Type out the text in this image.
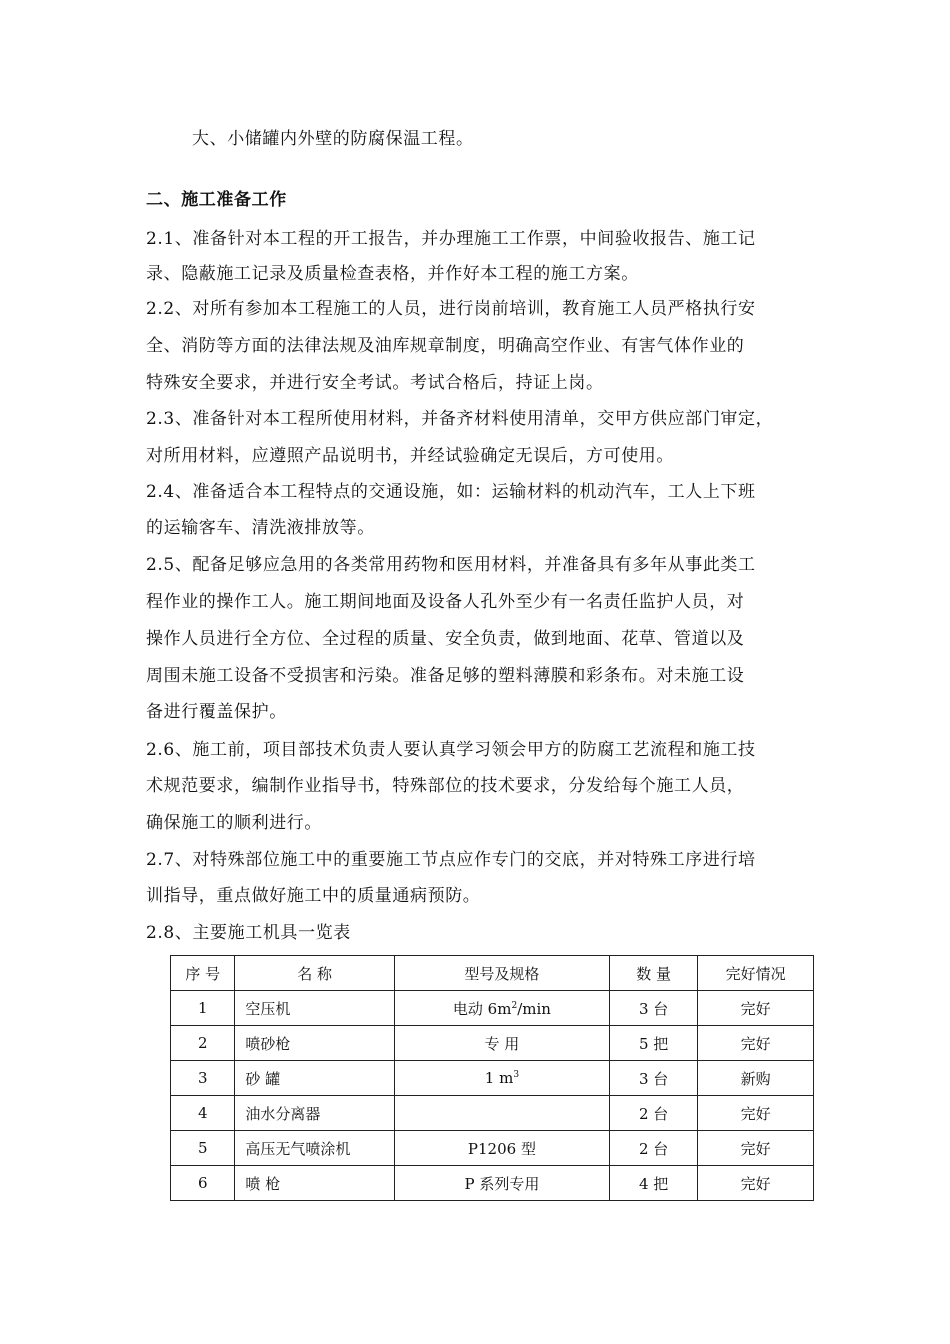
大、小储罐内外壁的防腐保温工程。
二、施工准备工作
2.1、准备针对本工程的开工报告，并办理施工工作票，中间验收报告、施工记
录、隐蔽施工记录及质量检查表格，并作好本工程的施工方案。
2.2、对所有参加本工程施工的人员，进行岗前培训，教育施工人员严格执行安
全、消防等方面的法律法规及油库规章制度，明确高空作业、有害气体作业的
特殊安全要求，并进行安全考试。考试合格后，持证上岗。
2.3、准备针对本工程所使用材料，并备齐材料使用清单，交甲方供应部门审定，
对所用材料，应遵照产品说明书，并经试验确定无误后，方可使用。
2.4、准备适合本工程特点的交通设施，如：运输材料的机动汽车，工人上下班
的运输客车、清洗液排放等。
2.5、配备足够应急用的各类常用药物和医用材料，并准备具有多年从事此类工
程作业的操作工人。施工期间地面及设备人孔外至少有一名责任监护人员，对
操作人员进行全方位、全过程的质量、安全负责，做到地面、花草、管道以及
周围未施工设备不受损害和污染。准备足够的塑料薄膜和彩条布。对未施工设
备进行覆盖保护。
2.6、施工前，项目部技术负责人要认真学习领会甲方的防腐工艺流程和施工技
术规范要求，编制作业指导书，特殊部位的技术要求，分发给每个施工人员，
确保施工的顺利进行。
2.7、对特殊部位施工中的重要施工节点应作专门的交底，并对特殊工序进行培
训指导，重点做好施工中的质量通病预防。
2.8、主要施工机具一览表
序 号	名 称	型号及规格	数 量	完好情况
1	空压机	电动 $6m^2/\min$	3 台	完好
2	喷砂枪	专 用	5 把	完好
3	砂 罐	1 $m^3$	3 台	新购
4	油水分离器		2 台	完好
5	高压无气喷涂机	P1206 型	2 台	完好
6	喷 枪	P 系列专用	4 把	完好
